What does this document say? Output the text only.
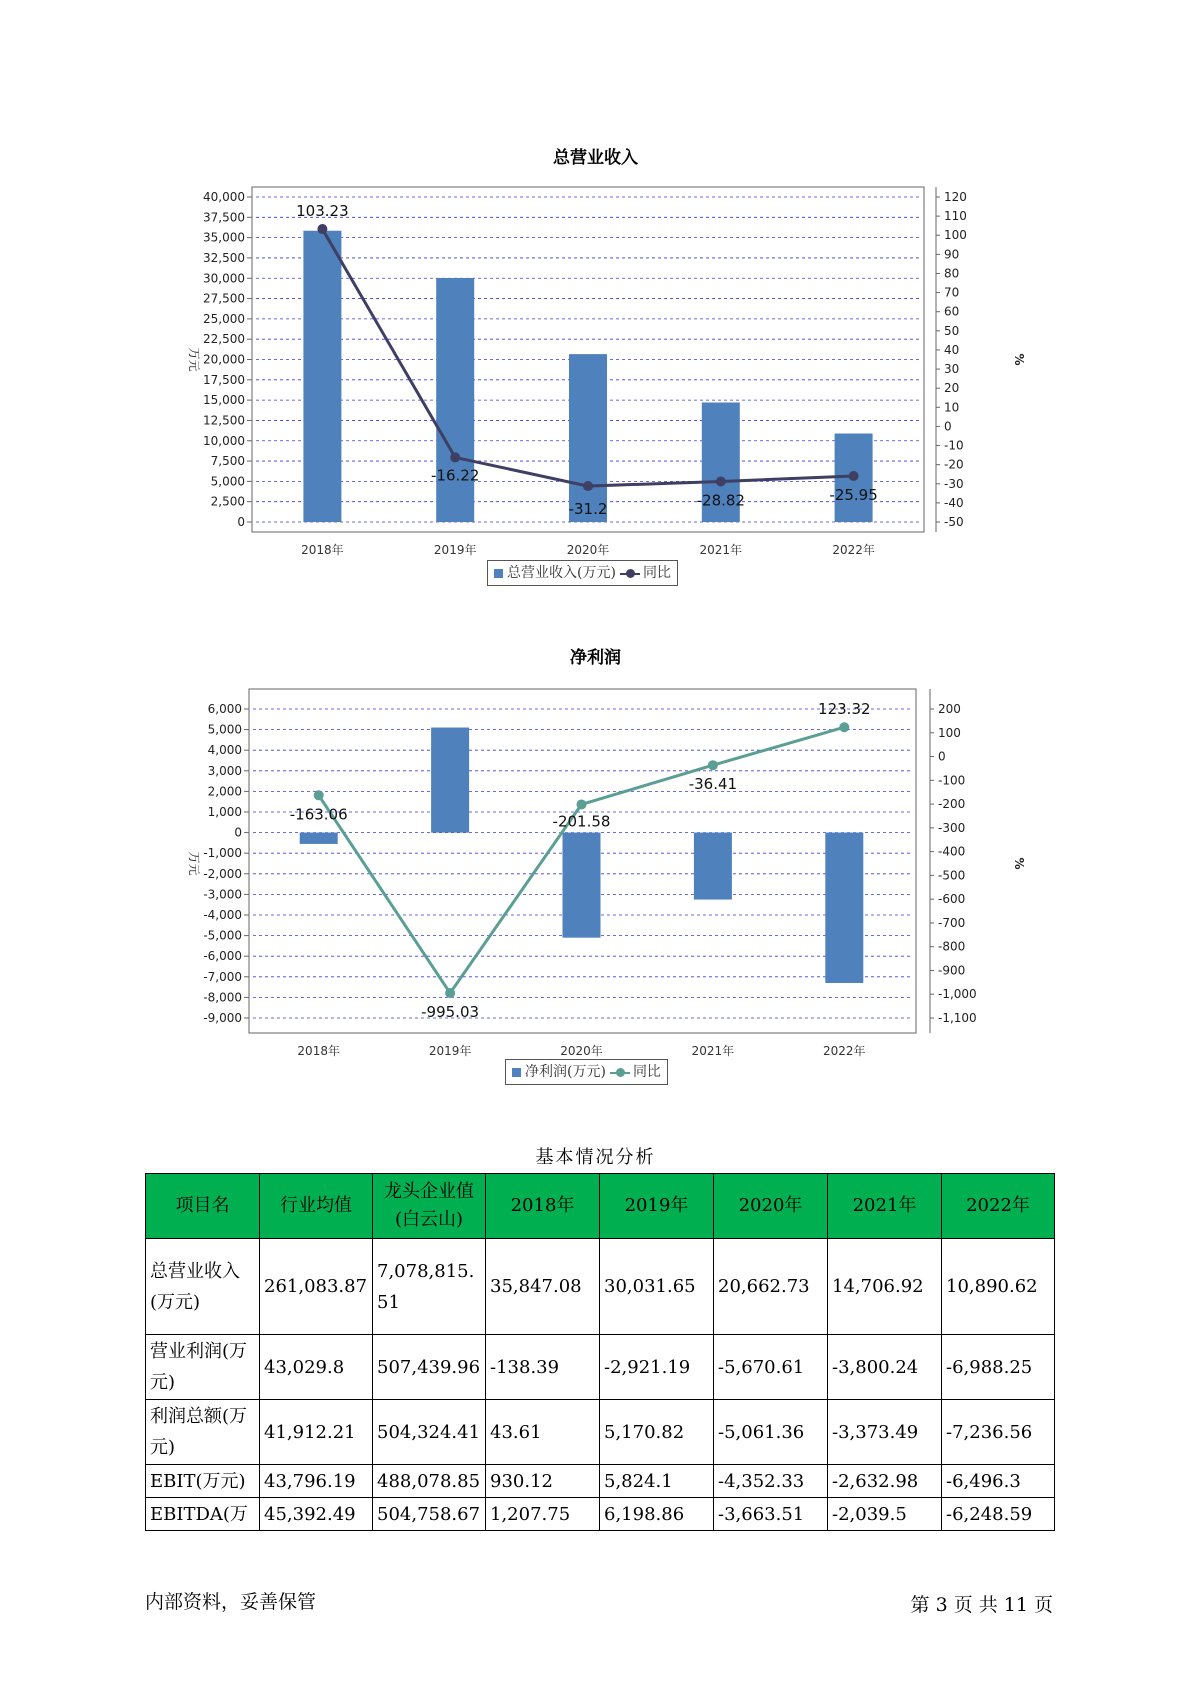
总营业收入
40,000
37,500
35,000
32,500
30,000
27,500
25,000
22,500
20,000
17,500
15,000
12,500
10,000
7,500
5,000
2,500
0
120
110
100
90
80
70
60
50
40
30
20
10
0
-10
-20
-30
-40
-50
万元	%
2018年	2019年	2020年	2021年	2022年
103.23
-16.22
-31.2	-28.82	-25.95
总营业收入(万元) 同比
净利润
6,000
5,000
4,000
3,000
2,000
1,000
0
-1,000
-2,000
-3,000
-4,000
-5,000
-6,000
-7,000
-8,000
-9,000
200
100
0
-100
-200
-300
-400
-500
-600
-700
-800
-900
-1,000
-1,100
万元	%
2018年	2019年	2020年	2021年	2022年
-163.06
-995.03
-201.58
-36.41
123.32
净利润(万元) 同比
基本情况分析
项目名	行业均值	龙头企业值(白云山)	2018年	2019年	2020年	2021年	2022年
总营业收入(万元)	261,083.87	7,078,815.51	35,847.08	30,031.65	20,662.73	14,706.92	10,890.62
营业利润(万元)	43,029.8	507,439.96	-138.39	-2,921.19	-5,670.61	-3,800.24	-6,988.25
利润总额(万元)	41,912.21	504,324.41	43.61	5,170.82	-5,061.36	-3,373.49	-7,236.56
EBIT(万元)	43,796.19	488,078.85	930.12	5,824.1	-4,352.33	-2,632.98	-6,496.3
EBITDA(万	45,392.49	504,758.67	1,207.75	6,198.86	-3,663.51	-2,039.5	-6,248.59
内部资料，妥善保管	第 3 页 共 11 页
